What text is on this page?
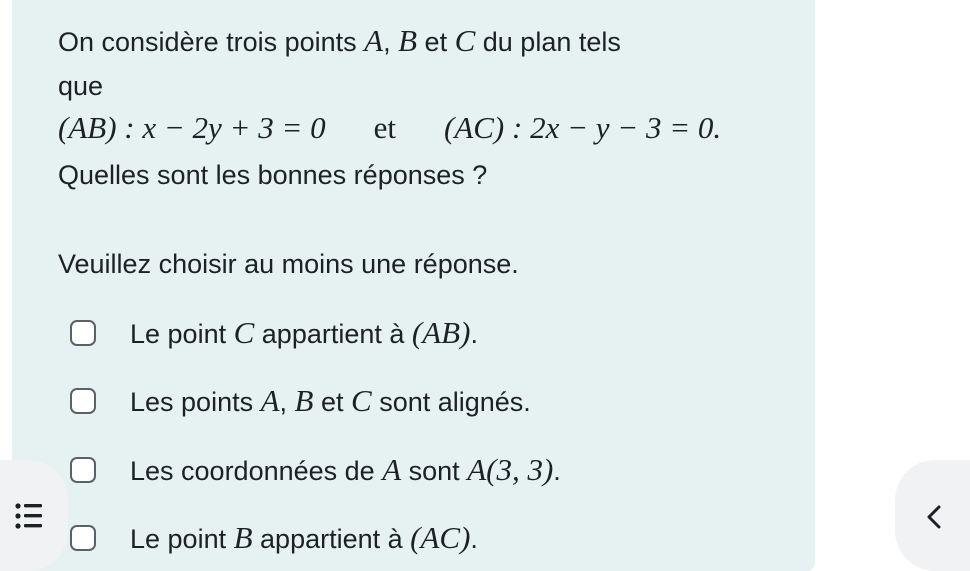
On considère trois points A, B et C du plan tels
que
(AB) : x − 2y + 3 = 0 et (AC) : 2x − y − 3 = 0.
Quelles sont les bonnes réponses ?
Veuillez choisir au moins une réponse.
Le point C appartient à (AB).
Les points A, B et C sont alignés.
Les coordonnées de A sont A(3, 3).
Le point B appartient à (AC).
